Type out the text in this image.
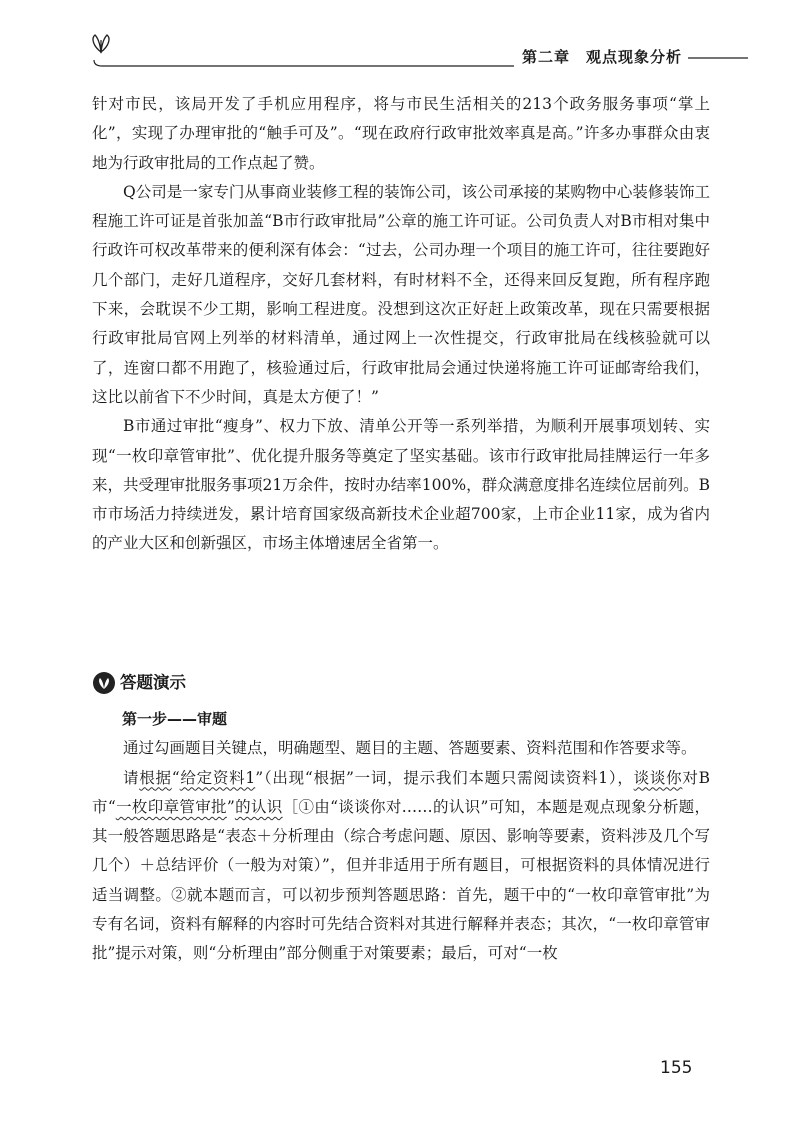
第二章　观点现象分析

针对市民，该局开发了手机应用程序，将与市民生活相关的213个政务服务事项“掌上化”，实现了办理审批的“触手可及”。“现在政府行政审批效率真是高。”许多办事群众由衷地为行政审批局的工作点起了赞。

Q公司是一家专门从事商业装修工程的装饰公司，该公司承接的某购物中心装修装饰工程施工许可证是首张加盖“B市行政审批局”公章的施工许可证。公司负责人对B市相对集中行政许可权改革带来的便利深有体会：“过去，公司办理一个项目的施工许可，往往要跑好几个部门，走好几道程序，交好几套材料，有时材料不全，还得来回反复跑，所有程序跑下来，会耽误不少工期，影响工程进度。没想到这次正好赶上政策改革，现在只需要根据行政审批局官网上列举的材料清单，通过网上一次性提交，行政审批局在线核验就可以了，连窗口都不用跑了，核验通过后，行政审批局会通过快递将施工许可证邮寄给我们，这比以前省下不少时间，真是太方便了！”

B市通过审批“瘦身”、权力下放、清单公开等一系列举措，为顺利开展事项划转、实现“一枚印章管审批”、优化提升服务等奠定了坚实基础。该市行政审批局挂牌运行一年多来，共受理审批服务事项21万余件，按时办结率100%，群众满意度排名连续位居前列。B市市场活力持续迸发，累计培育国家级高新技术企业超700家，上市企业11家，成为省内的产业大区和创新强区，市场主体增速居全省第一。

答题演示

第一步——审题

通过勾画题目关键点，明确题型、题目的主题、答题要素、资料范围和作答要求等。

请根据“给定资料1”（出现“根据”一词，提示我们本题只需阅读资料1），谈谈你对B市“一枚印章管审批”的认识［①由“谈谈你对……的认识”可知，本题是观点现象分析题，其一般答题思路是“表态＋分析理由（综合考虑问题、原因、影响等要素，资料涉及几个写几个）＋总结评价（一般为对策）”，但并非适用于所有题目，可根据资料的具体情况进行适当调整。②就本题而言，可以初步预判答题思路：首先，题干中的“一枚印章管审批”为专有名词，资料有解释的内容时可先结合资料对其进行解释并表态；其次，“一枚印章管审批”提示对策，则“分析理由”部分侧重于对策要素；最后，可对“一枚

155
